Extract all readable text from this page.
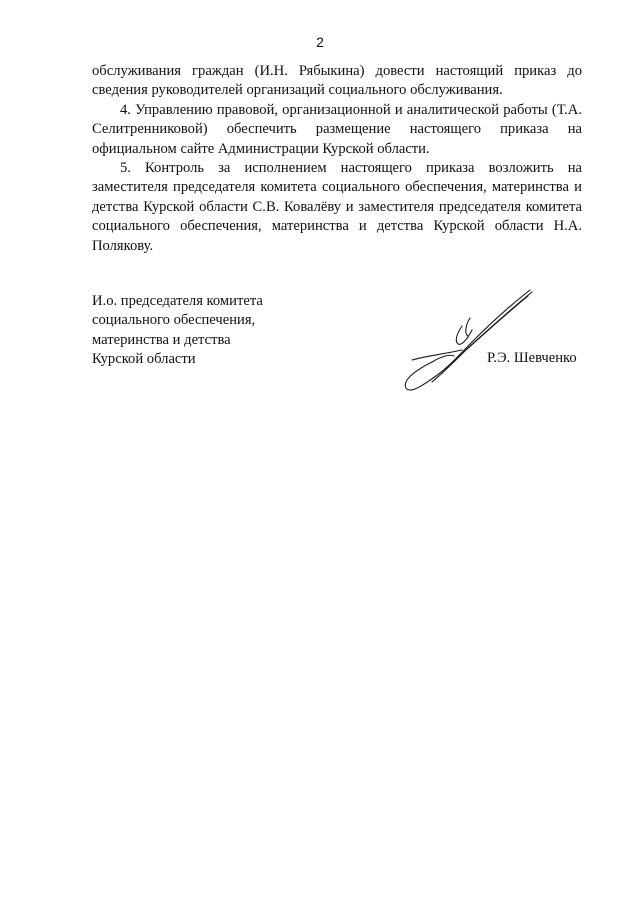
2

обслуживания граждан (И.Н. Рябыкина) довести настоящий приказ до сведения руководителей организаций социального обслуживания.

4. Управлению правовой, организационной и аналитической работы (Т.А. Селитренниковой) обеспечить размещение настоящего приказа на официальном сайте Администрации Курской области.

5. Контроль за исполнением настоящего приказа возложить на заместителя председателя комитета социального обеспечения, материнства и детства Курской области С.В. Ковалёву и заместителя председателя комитета социального обеспечения, материнства и детства Курской области Н.А. Полякову.

И.о. председателя комитета
социального обеспечения,
материнства и детства
Курской области	Р.Э. Шевченко
